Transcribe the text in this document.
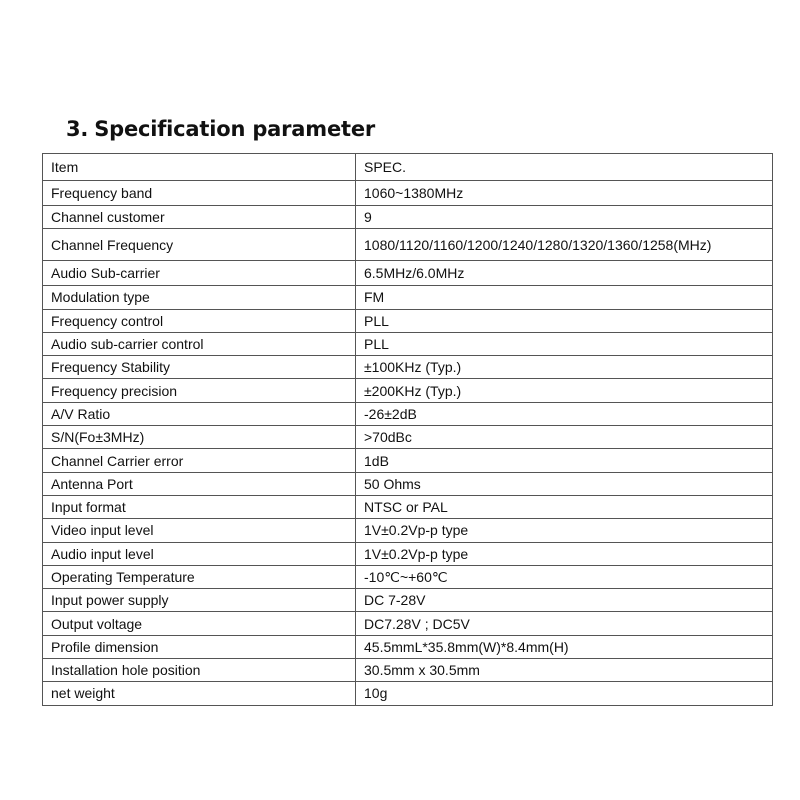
3. Specification parameter
Item	SPEC.
Frequency band	1060~1380MHz
Channel customer	9
Channel Frequency	1080/1120/1160/1200/1240/1280/1320/1360/1258(MHz)
Audio Sub-carrier	6.5MHz/6.0MHz
Modulation type	FM
Frequency control	PLL
Audio sub-carrier control	PLL
Frequency Stability	±100KHz (Typ.)
Frequency precision	±200KHz (Typ.)
A/V Ratio	-26±2dB
S/N(Fo±3MHz)	>70dBc
Channel Carrier error	1dB
Antenna Port	50 Ohms
Input format	NTSC or PAL
Video input level	1V±0.2Vp-p type
Audio input level	1V±0.2Vp-p type
Operating Temperature	-10℃~+60℃
Input power supply	DC 7-28V
Output voltage	DC7.28V ; DC5V
Profile dimension	45.5mmL*35.8mm(W)*8.4mm(H)
Installation hole position	30.5mm x 30.5mm
net weight	10g
